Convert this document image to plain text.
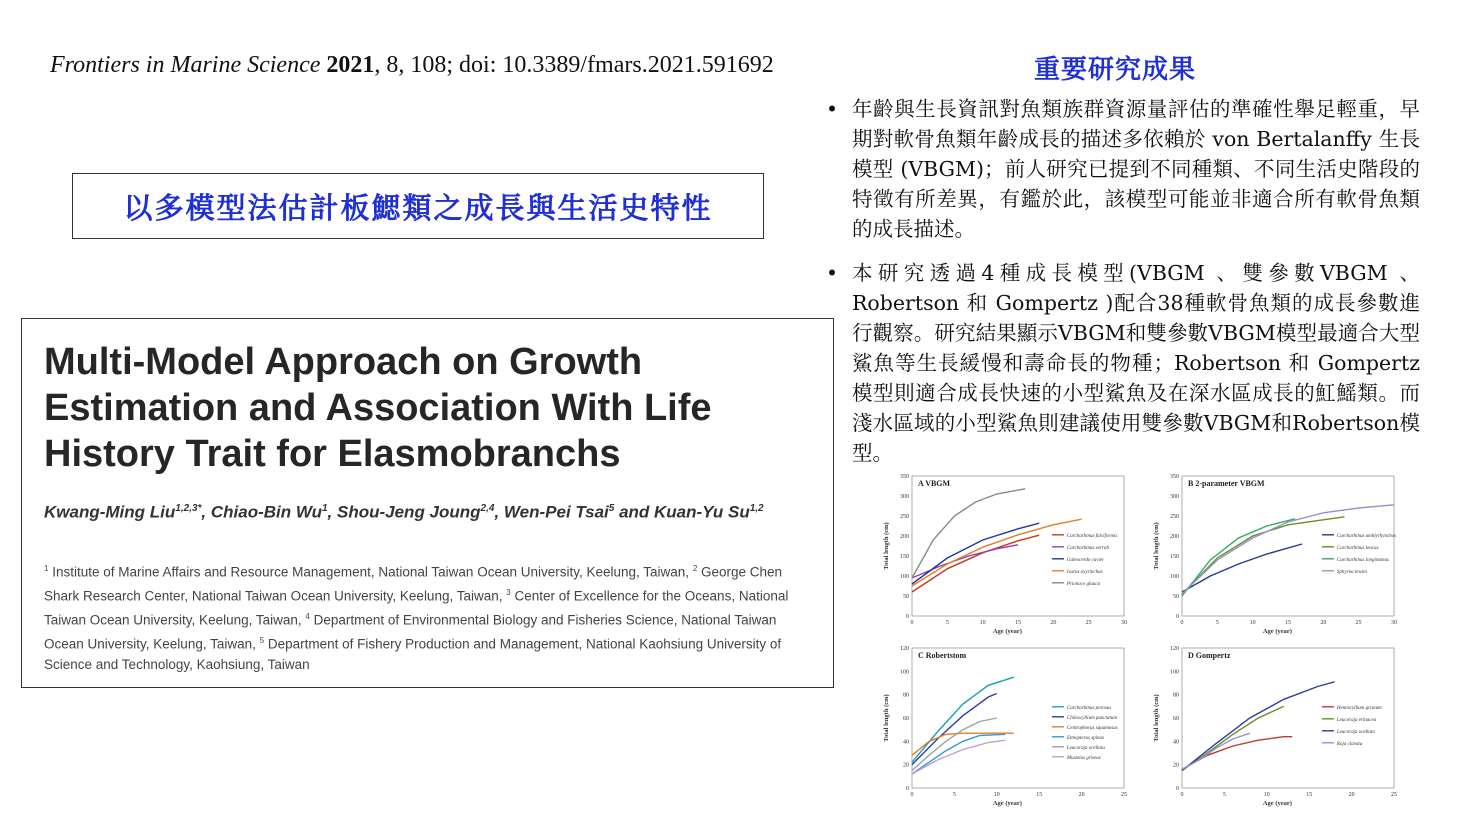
Frontiers in Marine Science 2021, 8, 108; doi: 10.3389/fmars.2021.591692	重要研究成果
以多模型法估計板鰓類之成長與生活史特性
Multi-Model Approach on Growth Estimation and Association With Life History Trait for Elasmobranchs
Kwang-Ming Liu$^{1,2,3*}$, Chiao-Bin Wu$^1$, Shou-Jeng Joung$^{2,4}$, Wen-Pei Tsai$^5$ and Kuan-Yu Su$^{1,2}$
$^1$ Institute of Marine Affairs and Resource Management, National Taiwan Ocean University, Keelung, Taiwan, $^2$ George Chen Shark Research Center, National Taiwan Ocean University, Keelung, Taiwan, $^3$ Center of Excellence for the Oceans, National Taiwan Ocean University, Keelung, Taiwan, $^4$ Department of Environmental Biology and Fisheries Science, National Taiwan Ocean University, Keelung, Taiwan, $^5$ Department of Fishery Production and Management, National Kaohsiung University of Science and Technology, Kaohsiung, Taiwan
• 年齡與生長資訊對魚類族群資源量評估的準確性舉足輕重，早期對軟骨魚類年齡成長的描述多依賴於 von Bertalanffy 生長模型 (VBGM)；前人研究已提到不同種類、不同生活史階段的特徵有所差異，有鑑於此，該模型可能並非適合所有軟骨魚類的成長描述。
• 本研究透過4種成長模型(VBGM 、雙參數VBGM 、Robertson 和 Gompertz )配合38種軟骨魚類的成長參數進行觀察。研究結果顯示VBGM和雙參數VBGM模型最適合大型鯊魚等生長緩慢和壽命長的物種；Robertson 和 Gompertz 模型則適合成長快速的小型鯊魚及在深水區成長的魟鰩類。而淺水區域的小型鯊魚則建議使用雙參數VBGM和Robertson模型。
A VBGM
0
50
100
150
200
250
300
350
0	5	10	15	20	25	30
Age (year)
Total length (cm)	Carcharhinus falciformis
Carcharhinus sorrah
Galeocerdo cuvier
Isurus oxyrinchus
Prionace glauca
B 2-parameter VBGM
0
50
100
150
200
250
300
350
0	5	10	15	20	25	30
Age (year)
Total length (cm)	Carcharhinus amblyrhynchos
Carcharhinus leucas
Carcharhinus longimanus
Sphyrna lewini
C Robertstom
0
20
40
60
80
100
120
0	5	10	15	20	25
Age (year)
Total length (cm)	Carcharhinus porosus
Chiloscyllium punctatum
Centrophorus squamosus
Etmopterus spinax
Leucoraja ocellata
Mustelus griseus
D Gompertz
0
20
40
60
80
100
120
0	5	10	15	20	25
Age (year)
Total length (cm)	Hemiscyllium griseum
Leucoraja erinacea
Leucoraja ocellata
Raja clavata
